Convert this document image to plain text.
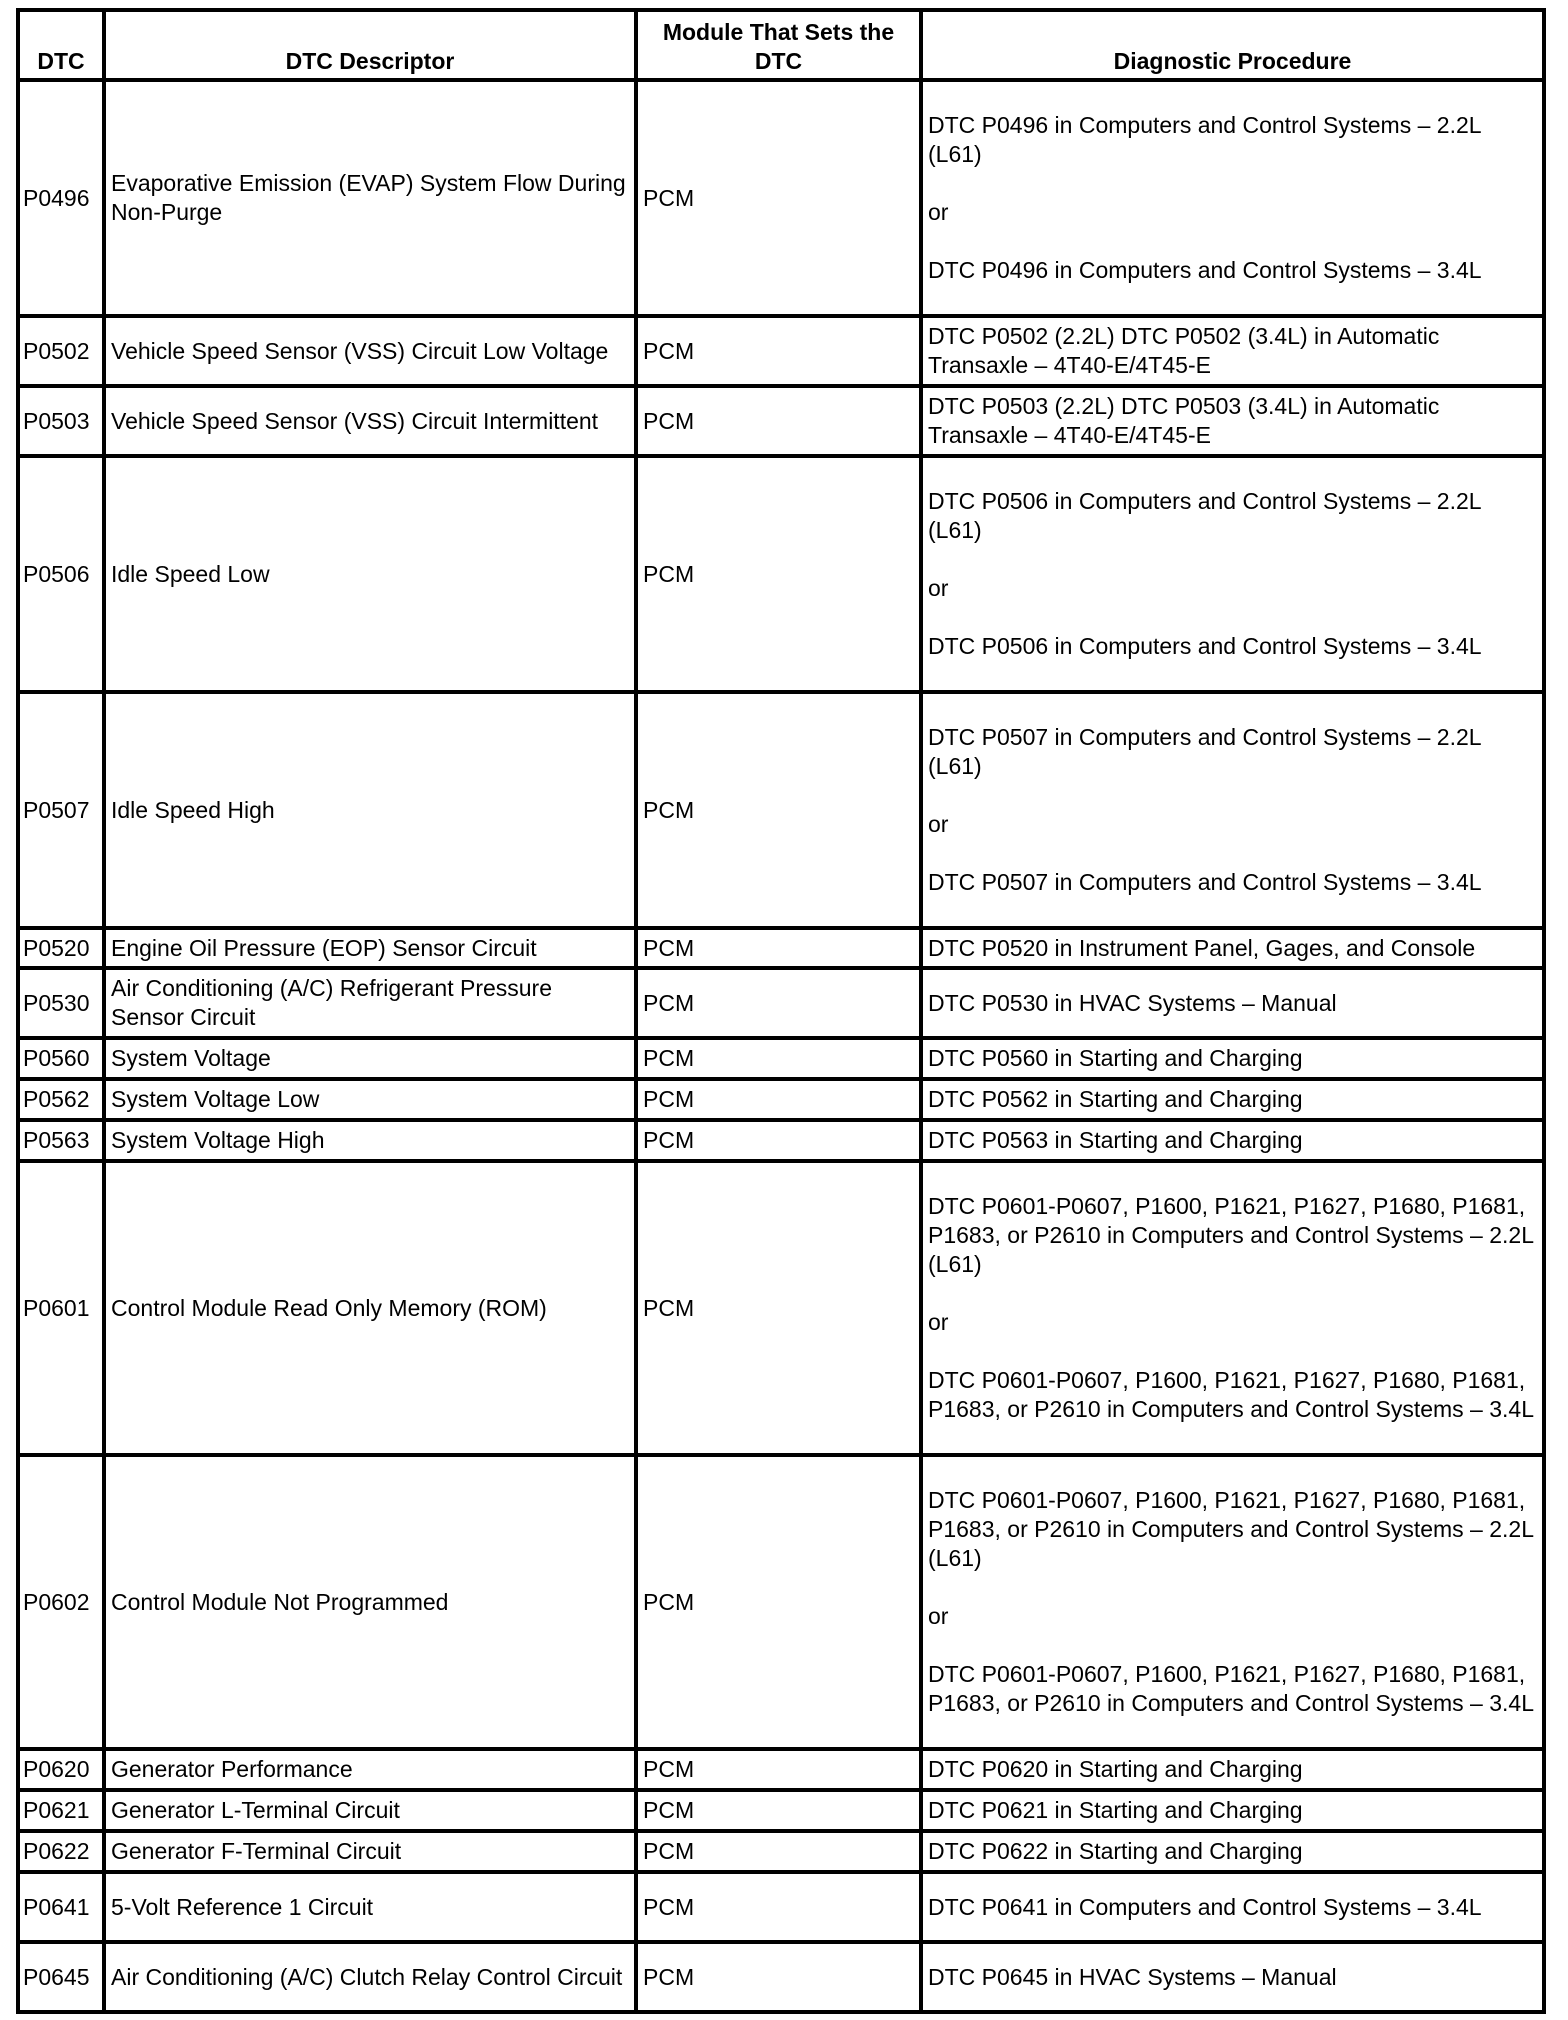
DTC	DTC Descriptor	Module That Sets the DTC	Diagnostic Procedure
P0496	Evaporative Emission (EVAP) System Flow During Non-Purge	PCM	DTC P0496 in Computers and Control Systems – 2.2L (L61)

or

DTC P0496 in Computers and Control Systems – 3.4L
P0502	Vehicle Speed Sensor (VSS) Circuit Low Voltage	PCM	DTC P0502 (2.2L) DTC P0502 (3.4L) in Automatic Transaxle – 4T40-E/4T45-E
P0503	Vehicle Speed Sensor (VSS) Circuit Intermittent	PCM	DTC P0503 (2.2L) DTC P0503 (3.4L) in Automatic Transaxle – 4T40-E/4T45-E
P0506	Idle Speed Low	PCM	DTC P0506 in Computers and Control Systems – 2.2L (L61)

or

DTC P0506 in Computers and Control Systems – 3.4L
P0507	Idle Speed High	PCM	DTC P0507 in Computers and Control Systems – 2.2L (L61)

or

DTC P0507 in Computers and Control Systems – 3.4L
P0520	Engine Oil Pressure (EOP) Sensor Circuit	PCM	DTC P0520 in Instrument Panel, Gages, and Console
P0530	Air Conditioning (A/C) Refrigerant Pressure Sensor Circuit	PCM	DTC P0530 in HVAC Systems – Manual
P0560	System Voltage	PCM	DTC P0560 in Starting and Charging
P0562	System Voltage Low	PCM	DTC P0562 in Starting and Charging
P0563	System Voltage High	PCM	DTC P0563 in Starting and Charging
P0601	Control Module Read Only Memory (ROM)	PCM	DTC P0601-P0607, P1600, P1621, P1627, P1680, P1681, P1683, or P2610 in Computers and Control Systems – 2.2L (L61)

or

DTC P0601-P0607, P1600, P1621, P1627, P1680, P1681, P1683, or P2610 in Computers and Control Systems – 3.4L
P0602	Control Module Not Programmed	PCM	DTC P0601-P0607, P1600, P1621, P1627, P1680, P1681, P1683, or P2610 in Computers and Control Systems – 2.2L (L61)

or

DTC P0601-P0607, P1600, P1621, P1627, P1680, P1681, P1683, or P2610 in Computers and Control Systems – 3.4L
P0620	Generator Performance	PCM	DTC P0620 in Starting and Charging
P0621	Generator L-Terminal Circuit	PCM	DTC P0621 in Starting and Charging
P0622	Generator F-Terminal Circuit	PCM	DTC P0622 in Starting and Charging
P0641	5-Volt Reference 1 Circuit	PCM	DTC P0641 in Computers and Control Systems – 3.4L
P0645	Air Conditioning (A/C) Clutch Relay Control Circuit	PCM	DTC P0645 in HVAC Systems – Manual
